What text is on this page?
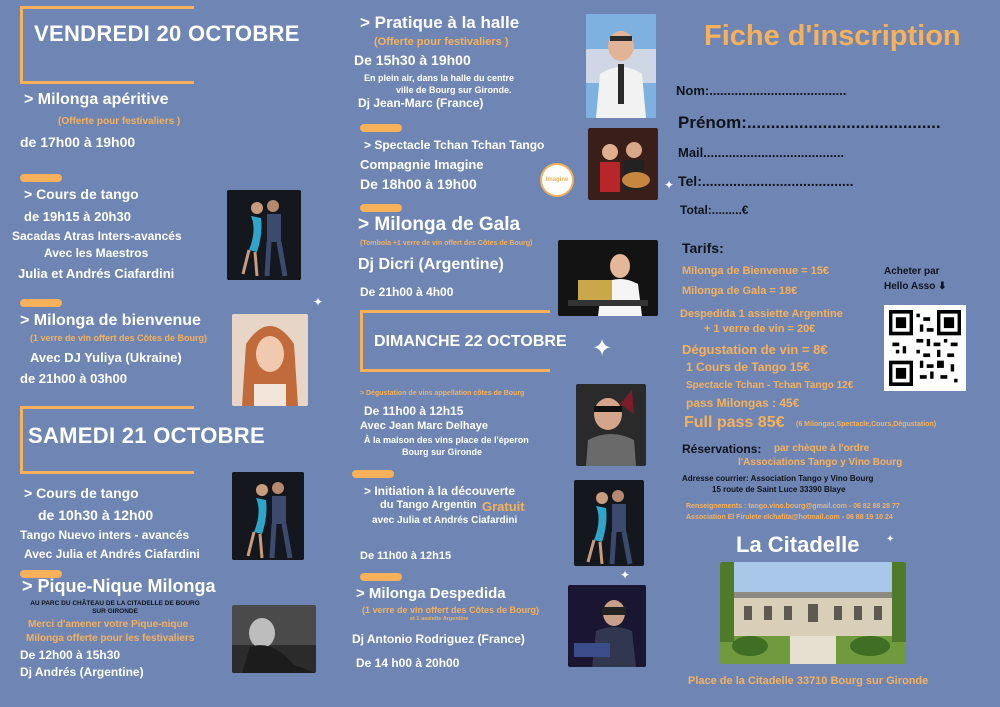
VENDREDI 20 OCTOBRE
> Milonga apéritive
(Offerte pour festivaliers )
de 17h00 à 19h00
> Cours de tango
de 19h15 à 20h30
Sacadas Atras Inters-avancés
Avec les Maestros
Julia et Andrés Ciafardini
✦
> Milonga de bienvenue
(1 verre de vin offert des Côtes de Bourg)
Avec DJ Yuliya (Ukraine)
de 21h00 à 03h00
SAMEDI 21 OCTOBRE
> Cours de tango
de 10h30 à 12h00
Tango Nuevo inters - avancés
Avec Julia et Andrés Ciafardini
> Pique-Nique Milonga
AU PARC DU CHÂTEAU DE LA CITADELLE DE BOURG SUR GIRONDE
Merci d'amener votre Pique-nique
Milonga offerte pour les festivaliers
De 12h00 à 15h30
Dj Andrés (Argentine)
> Pratique à la halle
(Offerte pour festivaliers )
De 15h30 à 19h00
En plein air, dans la halle du centre
ville de Bourg sur Gironde.
Dj Jean-Marc (France)
> Spectacle Tchan Tchan Tango
Compagnie Imagine
De 18h00 à 19h00	Imagine	✦
> Milonga de Gala
(Tombola +1 verre de vin offert des Côtes de Bourg)
Dj Dicri (Argentine)
De 21h00 à 4h00
DIMANCHE 22 OCTOBRE ✦
> Dégustation de vins appellation côtes de Bourg
De 11h00 à 12h15
Avec Jean Marc Delhaye
À la maison des vins place de l'éperon
Bourg sur Gironde
> Initiation à la découverte
du Tango Argentin Gratuit
avec Julia et Andrés Ciafardini
De 11h00 à 12h15
✦
> Milonga Despedida
(1 verre de vin offert des Côtes de Bourg)
et 1 assiette Argentine
Dj Antonio Rodriguez (France)
De 14 h00 à 20h00
Fiche d'inscription
Nom:......................................
Prénom:.........................................
Mail.......................................
Tel:.......................................
Total:.........€
Tarifs:
Milonga de Bienvenue = 15€
Milonga de Gala = 18€
Despedida 1 assiette Argentine
+ 1 verre de vin = 20€
Dégustation de vin = 8€
1 Cours de Tango 15€
Spectacle Tchan - Tchan Tango 12€
pass Milongas : 45€
Full pass 85€ (6 Milongas,Spectacle,Cours,Dégustation)
Acheter par
Hello Asso ⬇
Réservations: par chèque à l'ordre
l'Associations Tango y Vino Bourg
Adresse courrier: Association Tango y Vino Bourg
15 route de Saint Luce 33390 Blaye
Renseignements : tango.vino.bourg@gmail.com - 06 82 88 28 77
Association El Firulete elchafita@hotmail.com - 06 88 19 10 24
La Citadelle	✦
Place de la Citadelle 33710 Bourg sur Gironde
